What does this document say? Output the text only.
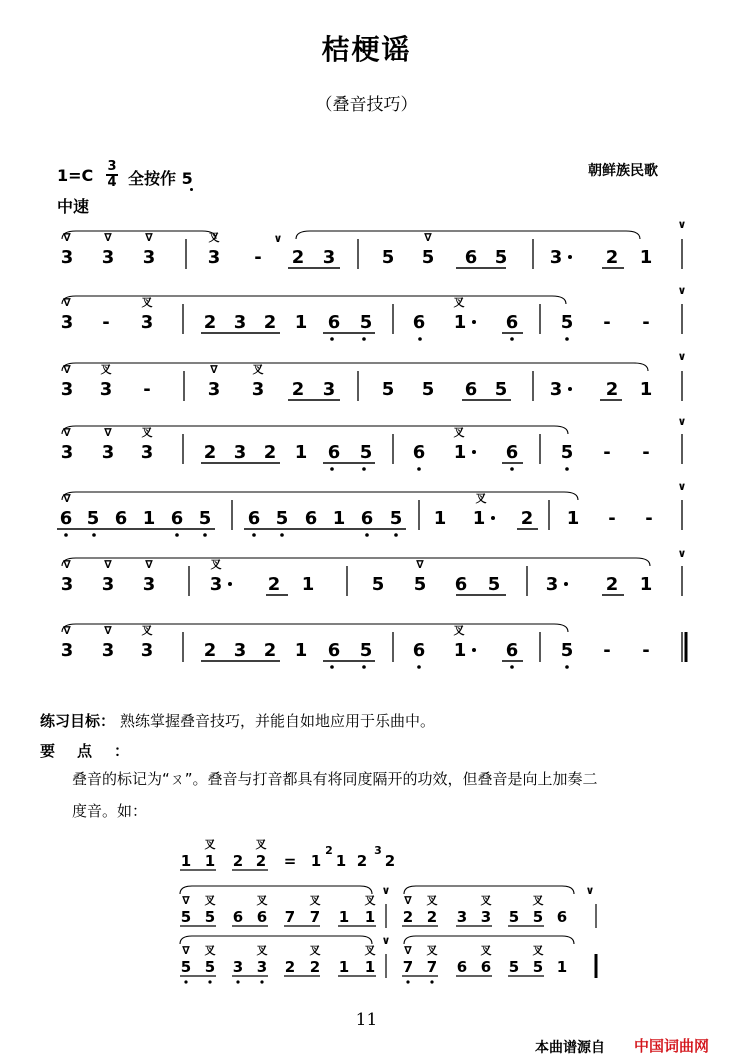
桔梗谣
（叠音技巧）
1=C 3
4 全按作 5	朝鲜族民歌
中速
3 3 3	3 - 2 3	5 5 6 5 3 2 1
叉
∇	∇	∇	∇
∨
∨
3 - 3	2 3 2 1 6 5 6 1 6 5 - -
叉	叉
∇
∨
3 3 -	3 3 2 3	5 5 6 5 3 2 1
叉	叉
∇	∇
∨
3 3 3	2 3 2 1 6 5 6 1 6 5 - -
叉	叉
∇	∇
∨
6 5 6 1 6 5 6 5 6 1 6 5 1 1 2 1 - -
叉
∇
∨
3 3 3	3	2 1	5 5 6 5	3	2 1
叉
∇	∇	∇	∇
∨
3 3 3	2 3 2 1 6 5 6 1 6 5 - -
叉	叉
∇	∇
1 1 2 2 = 1
2
1 2
3
2
叉	叉
5 5 6 6 7 7 1 1 2 2 3 3 5 5 6
5 5 3 3 2 2 1 1 7 7 6 6 5 5 1
叉	叉	叉	叉	叉	叉	叉
∇	∇
∨	∨
叉	叉	叉	叉	叉	叉	叉
∇	∇
∨
练习目标： 熟练掌握叠音技巧，并能自如地应用于乐曲中。
要点：
叠音的标记为“ㄡ”。叠音与打音都具有将同度隔开的功效，但叠音是向上加奏二
度音。如：
11
本曲谱源自 中国词曲网
